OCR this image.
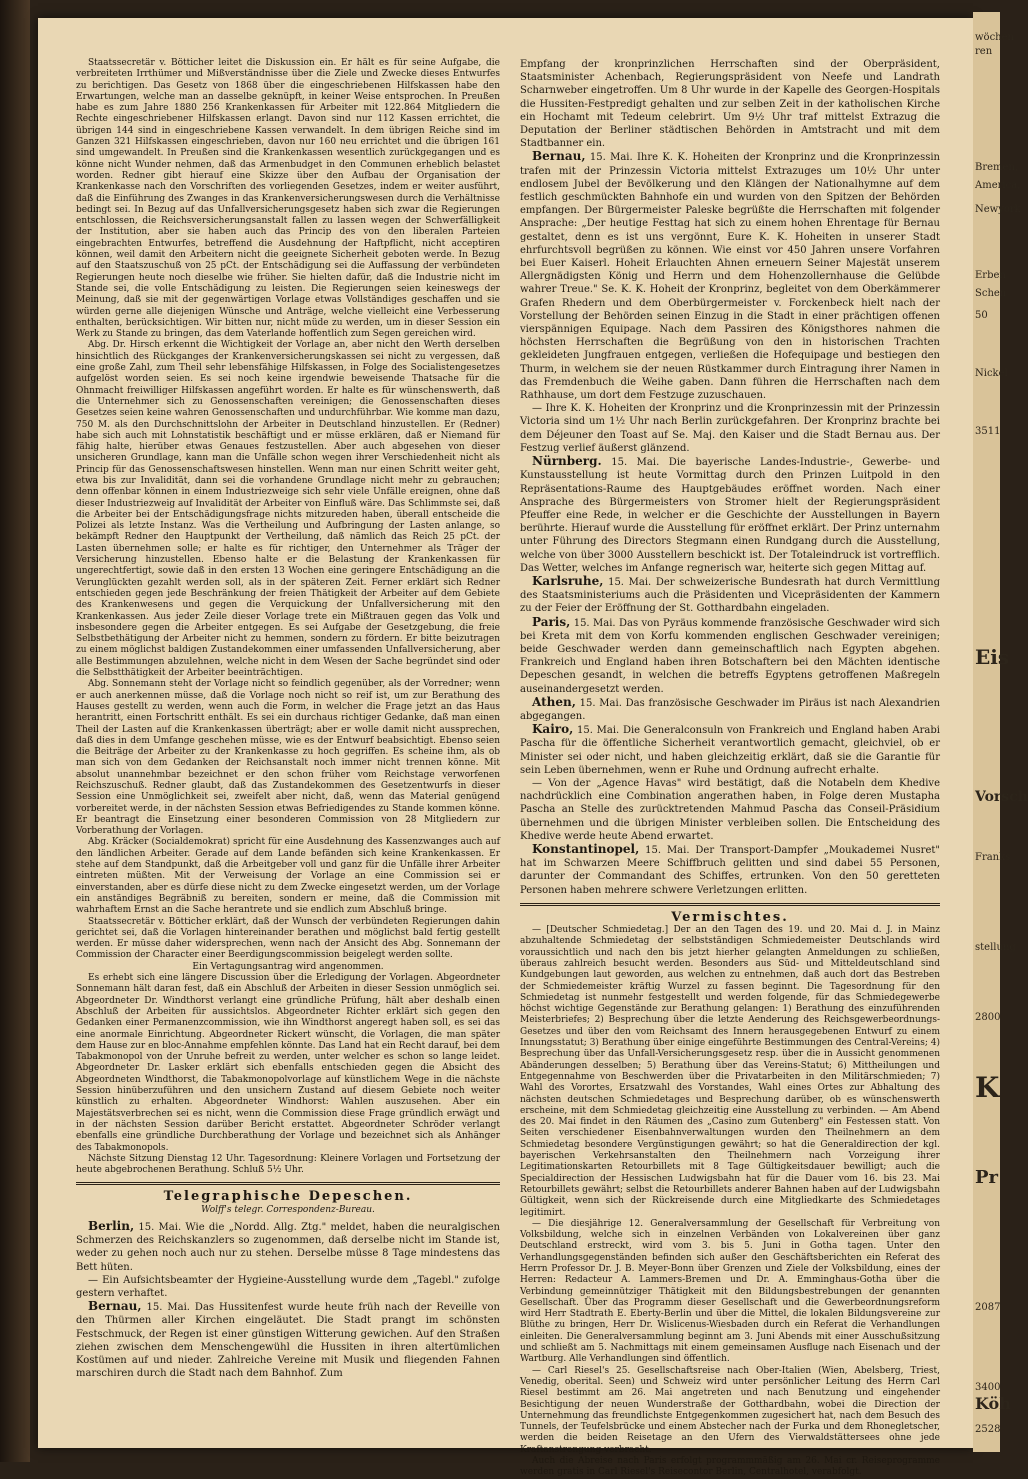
Staatssecretär v. Bötticher leitet die Diskussion ein. Er hält es für seine Aufgabe, die verbreiteten Irrthümer und Mißverständnisse über die Ziele und Zwecke dieses Entwurfes zu berichtigen. Das Gesetz von 1868 über die eingeschriebenen Hilfskassen habe den Erwartungen, welche man an dasselbe geknüpft, in keiner Weise entsprochen. In Preußen habe es zum Jahre 1880 256 Krankenkassen für Arbeiter mit 122.864 Mitgliedern die Rechte eingeschriebener Hilfskassen erlangt. Davon sind nur 112 Kassen errichtet, die übrigen 144 sind in eingeschriebene Kassen verwandelt. In dem übrigen Reiche sind im Ganzen 321 Hilfskassen eingeschrieben, davon nur 160 neu errichtet und die übrigen 161 sind umgewandelt. In Preußen sind die Krankenkassen wesentlich zurückgegangen und es könne nicht Wunder nehmen, daß das Armenbudget in den Communen erheblich belastet worden. Redner gibt hierauf eine Skizze über den Aufbau der Organisation der Krankenkasse nach den Vorschriften des vorliegenden Gesetzes, indem er weiter ausführt, daß die Einführung des Zwanges in das Krankenversicherungswesen durch die Verhältnisse bedingt sei. In Bezug auf das Unfallversicherungsgesetz haben sich zwar die Regierungen entschlossen, die Reichsversicherungsanstalt fallen zu lassen wegen der Schwerfälligkeit der Institution, aber sie haben auch das Princip des von den liberalen Parteien eingebrachten Entwurfes, betreffend die Ausdehnung der Haftpflicht, nicht acceptiren können, weil damit den Arbeitern nicht die geeignete Sicherheit geboten werde. In Bezug auf den Staatszuschuß von 25 pCt. der Entschädigung sei die Auffassung der verbündeten Regierungen heute noch dieselbe wie früher. Sie hielten dafür, daß die Industrie nicht im Stande sei, die volle Entschädigung zu leisten. Die Regierungen seien keineswegs der Meinung, daß sie mit der gegenwärtigen Vorlage etwas Vollständiges geschaffen und sie würden gerne alle diejenigen Wünsche und Anträge, welche vielleicht eine Verbesserung enthalten, berücksichtigen. Wir bitten nur, nicht müde zu werden, um in dieser Session ein Werk zu Stande zu bringen, das dem Vaterlande hoffentlich zum Segen gereichen wird.

Abg. Dr. Hirsch erkennt die Wichtigkeit der Vorlage an, aber nicht den Werth derselben hinsichtlich des Rückganges der Krankenversicherungskassen sei nicht zu vergessen, daß eine große Zahl, zum Theil sehr lebensfähige Hilfskassen, in Folge des Socialistengesetzes aufgelöst worden seien. Es sei noch keine irgendwie beweisende Thatsache für die Ohnmacht freiwilliger Hilfskassen angeführt worden. Er halte es für wünschenswerth, daß die Unternehmer sich zu Genossenschaften vereinigen; die Genossenschaften dieses Gesetzes seien keine wahren Genossenschaften und undurchführbar. Wie komme man dazu, 750 M. als den Durchschnittslohn der Arbeiter in Deutschland hinzustellen. Er (Redner) habe sich auch mit Lohnstatistik beschäftigt und er müsse erklären, daß er Niemand für fähig halte, hierüber etwas Genaues festzustellen. Aber auch abgesehen von dieser unsicheren Grundlage, kann man die Unfälle schon wegen ihrer Verschiedenheit nicht als Princip für das Genossenschaftswesen hinstellen. Wenn man nur einen Schritt weiter geht, etwa bis zur Invalidität, dann sei die vorhandene Grundlage nicht mehr zu gebrauchen; denn offenbar können in einem Industriezweige sich sehr viele Unfälle ereignen, ohne daß dieser Industriezweig auf Invalidität der Arbeiter von Einfluß wäre. Das Schlimmste sei, daß die Arbeiter bei der Entschädigungsfrage nichts mitzureden haben, überall entscheide die Polizei als letzte Instanz. Was die Vertheilung und Aufbringung der Lasten anlange, so bekämpft Redner den Hauptpunkt der Vertheilung, daß nämlich das Reich 25 pCt. der Lasten übernehmen solle; er halte es für richtiger, den Unternehmer als Träger der Versicherung hinzustellen. Ebenso halte er die Belastung der Krankenkassen für ungerechtfertigt, sowie daß in den ersten 13 Wochen eine geringere Entschädigung an die Verunglückten gezahlt werden soll, als in der späteren Zeit. Ferner erklärt sich Redner entschieden gegen jede Beschränkung der freien Thätigkeit der Arbeiter auf dem Gebiete des Krankenwesens und gegen die Verquickung der Unfallversicherung mit den Krankenkassen. Aus jeder Zeile dieser Vorlage trete ein Mißtrauen gegen das Volk und insbesondere gegen die Arbeiter entgegen. Es sei Aufgabe der Gesetzgebung, die freie Selbstbethätigung der Arbeiter nicht zu hemmen, sondern zu fördern. Er bitte beizutragen zu einem möglichst baldigen Zustandekommen einer umfassenden Unfallversicherung, aber alle Bestimmungen abzulehnen, welche nicht in dem Wesen der Sache begründet sind oder die Selbstthätigkeit der Arbeiter beeinträchtigen.

Abg. Sonnemann steht der Vorlage nicht so feindlich gegenüber, als der Vorredner; wenn er auch anerkennen müsse, daß die Vorlage noch nicht so reif ist, um zur Berathung des Hauses gestellt zu werden, wenn auch die Form, in welcher die Frage jetzt an das Haus herantritt, einen Fortschritt enthält. Es sei ein durchaus richtiger Gedanke, daß man einen Theil der Lasten auf die Krankenkassen überträgt; aber er wolle damit nicht aussprechen, daß dies in dem Umfange geschehen müsse, wie es der Entwurf beabsichtigt. Ebenso seien die Beiträge der Arbeiter zu der Krankenkasse zu hoch gegriffen. Es scheine ihm, als ob man sich von dem Gedanken der Reichsanstalt noch immer nicht trennen könne. Mit absolut unannehmbar bezeichnet er den schon früher vom Reichstage verworfenen Reichszuschuß. Redner glaubt, daß das Zustandekommen des Gesetzentwurfs in dieser Session eine Unmöglichkeit sei, zweifelt aber nicht, daß, wenn das Material genügend vorbereitet werde, in der nächsten Session etwas Befriedigendes zu Stande kommen könne. Er beantragt die Einsetzung einer besonderen Commission von 28 Mitgliedern zur Vorberathung der Vorlagen.

Abg. Kräcker (Socialdemokrat) spricht für eine Ausdehnung des Kassenzwanges auch auf den ländlichen Arbeiter. Gerade auf dem Lande befänden sich keine Krankenkassen. Er stehe auf dem Standpunkt, daß die Arbeitgeber voll und ganz für die Unfälle ihrer Arbeiter eintreten müßten. Mit der Verweisung der Vorlage an eine Commission sei er einverstanden, aber es dürfe diese nicht zu dem Zwecke eingesetzt werden, um der Vorlage ein anständiges Begräbniß zu bereiten, sondern er meine, daß die Commission mit wahrhaftem Ernst an die Sache herantrete und sie endlich zum Abschluß bringe.

Staatssecretär v. Bötticher erklärt, daß der Wunsch der verbündeten Regierungen dahin gerichtet sei, daß die Vorlagen hintereinander berathen und möglichst bald fertig gestellt werden. Er müsse daher widersprechen, wenn nach der Ansicht des Abg. Sonnemann der Commission der Character einer Beerdigungscommission beigelegt werden sollte.

Ein Vertagungsantrag wird angenommen.

Es erhebt sich eine längere Discussion über die Erledigung der Vorlagen. Abgeordneter Sonnemann hält daran fest, daß ein Abschluß der Arbeiten in dieser Session unmöglich sei. Abgeordneter Dr. Windthorst verlangt eine gründliche Prüfung, hält aber deshalb einen Abschluß der Arbeiten für aussichtslos. Abgeordneter Richter erklärt sich gegen den Gedanken einer Permanenzcommission, wie ihn Windthorst angeregt haben soll, es sei das eine anormale Einrichtung. Abgeordneter Rickert wünscht, die Vorlagen, die man später dem Hause zur en bloc-Annahme empfehlen könnte. Das Land hat ein Recht darauf, bei dem Tabakmonopol von der Unruhe befreit zu werden, unter welcher es schon so lange leidet. Abgeordneter Dr. Lasker erklärt sich ebenfalls entschieden gegen die Absicht des Abgeordneten Windthorst, die Tabakmonopolvorlage auf künstlichem Wege in die nächste Session hinüberzuführen und den unsichern Zustand auf diesem Gebiete noch weiter künstlich zu erhalten. Abgeordneter Windhorst: Wahlen auszusehen. Aber ein Majestätsverbrechen sei es nicht, wenn die Commission diese Frage gründlich erwägt und in der nächsten Session darüber Bericht erstattet. Abgeordneter Schröder verlangt ebenfalls eine gründliche Durchberathung der Vorlage und bezeichnet sich als Anhänger des Tabakmonopols.

Nächste Sitzung Dienstag 12 Uhr. Tagesordnung: Kleinere Vorlagen und Fortsetzung der heute abgebrochenen Berathung. Schluß 5½ Uhr.

Telegraphische Depeschen.
Wolff's telegr. Correspondenz-Bureau.

Berlin, 15. Mai. Wie die „Nordd. Allg. Ztg." meldet, haben die neuralgischen Schmerzen des Reichskanzlers so zugenommen, daß derselbe nicht im Stande ist, weder zu gehen noch auch nur zu stehen. Derselbe müsse 8 Tage mindestens das Bett hüten.

— Ein Aufsichtsbeamter der Hygieine-Ausstellung wurde dem „Tagebl." zufolge gestern verhaftet.

Bernau, 15. Mai. Das Hussitenfest wurde heute früh nach der Reveille von den Thürmen aller Kirchen eingeläutet. Die Stadt prangt im schönsten Festschmuck, der Regen ist einer günstigen Witterung gewichen. Auf den Straßen ziehen zwischen dem Menschengewühl die Hussiten in ihren altertümlichen Kostümen auf und nieder. Zahlreiche Vereine mit Musik und fliegenden Fahnen marschiren durch die Stadt nach dem Bahnhof. Zum

Empfang der kronprinzlichen Herrschaften sind der Oberpräsident, Staatsminister Achenbach, Regierungspräsident von Neefe und Landrath Scharnweber eingetroffen. Um 8 Uhr wurde in der Kapelle des Georgen-Hospitals die Hussiten-Festpredigt gehalten und zur selben Zeit in der katholischen Kirche ein Hochamt mit Tedeum celebrirt. Um 9½ Uhr traf mittelst Extrazug die Deputation der Berliner städtischen Behörden in Amtstracht und mit dem Stadtbanner ein.

Bernau, 15. Mai. Ihre K. K. Hoheiten der Kronprinz und die Kronprinzessin trafen mit der Prinzessin Victoria mittelst Extrazuges um 10½ Uhr unter endlosem Jubel der Bevölkerung und den Klängen der Nationalhymne auf dem festlich geschmückten Bahnhofe ein und wurden von den Spitzen der Behörden empfangen. Der Bürgermeister Paleske begrüßte die Herrschaften mit folgender Ansprache: „Der heutige Festtag hat sich zu einem hohen Ehrentage für Bernau gestaltet, denn es ist uns vergönnt, Eure K. K. Hoheiten in unserer Stadt ehrfurchtsvoll begrüßen zu können. Wie einst vor 450 Jahren unsere Vorfahren bei Euer Kaiserl. Hoheit Erlauchten Ahnen erneuern Seiner Majestät unserem Allergnädigsten König und Herrn und dem Hohenzollernhause die Gelübde wahrer Treue." Se. K. K. Hoheit der Kronprinz, begleitet von dem Oberkämmerer Grafen Rhedern und dem Oberbürgermeister v. Forckenbeck hielt nach der Vorstellung der Behörden seinen Einzug in die Stadt in einer prächtigen offenen vierspännigen Equipage. Nach dem Passiren des Königsthores nahmen die höchsten Herrschaften die Begrüßung von den in historischen Trachten gekleideten Jungfrauen entgegen, verließen die Hofequipage und bestiegen den Thurm, in welchem sie der neuen Rüstkammer durch Eintragung ihrer Namen in das Fremdenbuch die Weihe gaben. Dann führen die Herrschaften nach dem Rathhause, um dort dem Festzuge zuzuschauen.

— Ihre K. K. Hoheiten der Kronprinz und die Kronprinzessin mit der Prinzessin Victoria sind um 1½ Uhr nach Berlin zurückgefahren. Der Kronprinz brachte bei dem Déjeuner den Toast auf Se. Maj. den Kaiser und die Stadt Bernau aus. Der Festzug verlief äußerst glänzend.

Nürnberg. 15. Mai. Die bayerische Landes-Industrie-, Gewerbe- und Kunstausstellung ist heute Vormittag durch den Prinzen Luitpold in den Repräsentations-Raume des Hauptgebäudes eröffnet worden. Nach einer Ansprache des Bürgermeisters von Stromer hielt der Regierungspräsident Pfeuffer eine Rede, in welcher er die Geschichte der Ausstellungen in Bayern berührte. Hierauf wurde die Ausstellung für eröffnet erklärt. Der Prinz unternahm unter Führung des Directors Stegmann einen Rundgang durch die Ausstellung, welche von über 3000 Ausstellern beschickt ist. Der Totaleindruck ist vortrefflich. Das Wetter, welches im Anfange regnerisch war, heiterte sich gegen Mittag auf.

Karlsruhe, 15. Mai. Der schweizerische Bundesrath hat durch Vermittlung des Staatsministeriums auch die Präsidenten und Vicepräsidenten der Kammern zu der Feier der Eröffnung der St. Gotthardbahn eingeladen.

Paris, 15. Mai. Das von Pyräus kommende französische Geschwader wird sich bei Kreta mit dem von Korfu kommenden englischen Geschwader vereinigen; beide Geschwader werden dann gemeinschaftlich nach Egypten abgehen. Frankreich und England haben ihren Botschaftern bei den Mächten identische Depeschen gesandt, in welchen die betreffs Egyptens getroffenen Maßregeln auseinandergesetzt werden.

Athen, 15. Mai. Das französische Geschwader im Piräus ist nach Alexandrien abgegangen.

Kairo, 15. Mai. Die Generalconsuln von Frankreich und England haben Arabi Pascha für die öffentliche Sicherheit verantwortlich gemacht, gleichviel, ob er Minister sei oder nicht, und haben gleichzeitig erklärt, daß sie die Garantie für sein Leben übernehmen, wenn er Ruhe und Ordnung aufrecht erhalte.

— Von der „Agence Havas" wird bestätigt, daß die Notabeln dem Khedive nachdrücklich eine Combination angerathen haben, in Folge deren Mustapha Pascha an Stelle des zurücktretenden Mahmud Pascha das Conseil-Präsidium übernehmen und die übrigen Minister verbleiben sollen. Die Entscheidung des Khedive werde heute Abend erwartet.

Konstantinopel, 15. Mai. Der Transport-Dampfer „Moukademei Nusret" hat im Schwarzen Meere Schiffbruch gelitten und sind dabei 55 Personen, darunter der Commandant des Schiffes, ertrunken. Von den 50 geretteten Personen haben mehrere schwere Verletzungen erlitten.

Vermischtes.

— [Deutscher Schmiedetag.] Der an den Tagen des 19. und 20. Mai d. J. in Mainz abzuhaltende Schmiedetag der selbstständigen Schmiedemeister Deutschlands wird voraussichtlich und nach den bis jetzt hierher gelangten Anmeldungen zu schließen, überaus zahlreich besucht werden. Besonders aus Süd- und Mitteldeutschland sind Kundgebungen laut geworden, aus welchen zu entnehmen, daß auch dort das Bestreben der Schmiedemeister kräftig Wurzel zu fassen beginnt. Die Tagesordnung für den Schmiedetag ist nunmehr festgestellt und werden folgende, für das Schmiedegewerbe höchst wichtige Gegenstände zur Berathung gelangen: 1) Berathung des einzuführenden Meisterbriefes; 2) Besprechung über die letzte Aenderung des Reichsgewerbeordnungs-Gesetzes und über den vom Reichsamt des Innern herausgegebenen Entwurf zu einem Innungsstatut; 3) Berathung über einige eingeführte Bestimmungen des Central-Vereins; 4) Besprechung über das Unfall-Versicherungsgesetz resp. über die in Aussicht genommenen Abänderungen desselben; 5) Berathung über das Vereins-Statut; 6) Mittheilungen und Entgegennahme von Beschwerden über die Privatarbeiten in den Militärschmieden; 7) Wahl des Vorortes, Ersatzwahl des Vorstandes, Wahl eines Ortes zur Abhaltung des nächsten deutschen Schmiedetages und Besprechung darüber, ob es wünschenswerth erscheine, mit dem Schmiedetag gleichzeitig eine Ausstellung zu verbinden. — Am Abend des 20. Mai findet in den Räumen des „Casino zum Gutenberg" ein Festessen statt. Von Seiten verschiedener Eisenbahnverwaltungen wurden den Theilnehmern an dem Schmiedetag besondere Vergünstigungen gewährt; so hat die Generaldirection der kgl. bayerischen Verkehrsanstalten den Theilnehmern nach Vorzeigung ihrer Legitimationskarten Retourbillets mit 8 Tage Gültigkeitsdauer bewilligt; auch die Specialdirection der Hessischen Ludwigsbahn hat für die Dauer vom 16. bis 23. Mai Retourbillets gewährt; selbst die Retourbillets anderer Bahnen haben auf der Ludwigsbahn Gültigkeit, wenn sich der Rückreisende durch eine Mitgliedkarte des Schmiedetages legitimirt.

— Die diesjährige 12. Generalversammlung der Gesellschaft für Verbreitung von Volksbildung, welche sich in einzelnen Verbänden von Lokalvereinen über ganz Deutschland erstreckt, wird vom 3. bis 5. Juni in Gotha tagen. Unter den Verhandlungsgegenständen befinden sich außer den Geschäftsberichten ein Referat des Herrn Professor Dr. J. B. Meyer-Bonn über Grenzen und Ziele der Volksbildung, eines der Herren: Redacteur A. Lammers-Bremen und Dr. A. Emminghaus-Gotha über die Verbindung gemeinnütziger Thätigkeit mit den Bildungsbestrebungen der genannten Gesellschaft. Über das Programm dieser Gesellschaft und die Gewerbeordnungsreform wird Herr Stadtrath E. Eberty-Berlin und über die Mittel, die lokalen Bildungsvereine zur Blüthe zu bringen, Herr Dr. Wislicenus-Wiesbaden durch ein Referat die Verhandlungen einleiten. Die Generalversammlung beginnt am 3. Juni Abends mit einer Ausschußsitzung und schließt am 5. Nachmittags mit einem gemeinsamen Ausfluge nach Eisenach und der Wartburg. Alle Verhandlungen sind öffentlich.

— Carl Riesel's 25. Gesellschaftsreise nach Ober-Italien (Wien, Abelsberg, Triest, Venedig, oberital. Seen) und Schweiz wird unter persönlicher Leitung des Herrn Carl Riesel bestimmt am 26. Mai angetreten und nach Benutzung und eingehender Besichtigung der neuen Wunderstraße der Gotthardbahn, wobei die Direction der Unternehmung das freundlichste Entgegenkommen zugesichert hat, nach dem Besuch des Tunnels, der Teufelsbrücke und einem Abstecher nach der Furka und dem Rhonegletscher, werden die beiden Reisetage an den Ufern des Vierwaldstättersees ohne jede Kraftanstrengung verbracht.

Auch die Abreise nach Paris erfolgt programmmäßig am 26. Mai cr. Reiseprogramme werden gratis in Carl Riesel's Reisecontor Berlin, Centralhotel, verabfolgt.

wöchen
ren
Bremen,
America,
Newyork
Erben
Schen
50
Nickel
3511
Eis
Vorsch
Franks
stellung
2800
K
Pr
2087
3400
Köh
2528
